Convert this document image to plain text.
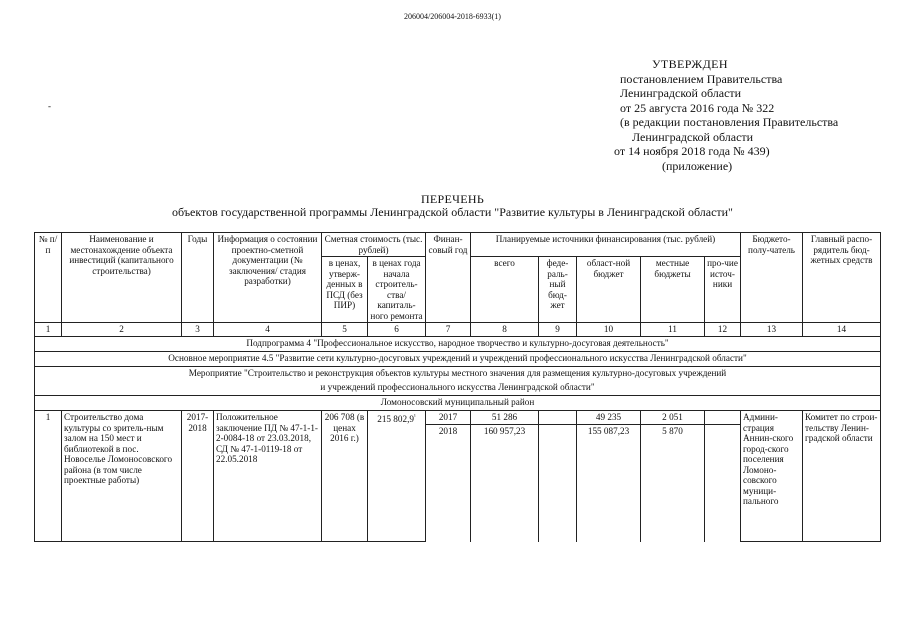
206004/206004-2018-6933(1)
-
УТВЕРЖДЕН
постановлением Правительства
Ленинградской области
от 25 августа 2016 года № 322
(в редакции постановления Правительства
Ленинградской области
от 14 ноября 2018 года № 439)
(приложение)
ПЕРЕЧЕНЬ
объектов государственной программы Ленинградской области "Развитие культуры в Ленинградской области"
№ п/п	Наименование и местонахождение объекта инвестиций (капитального строительства)	Годы	Информация о состоянии проектно-сметной документации (№ заключения/ стадия разработки)	Сметная стоимость (тыс. рублей)		Финан-совый год	Планируемые источники финансирования (тыс. рублей)					Бюджето-полу-чатель	Главный распо-рядитель бюд-жетных средств
				в ценах, утверж-денных в ПСД (без ПИР)	в ценах года начала строитель-ства/ капиталь-ного ремонта		всего	феде-раль-ный бюд-жет	област-ной бюджет	местные бюджеты	про-чие источ-ники		
1	2	3	4	5	6	7	8	9	10	11	12	13	14
Подпрограмма 4 "Профессиональное искусство, народное творчество и культурно-досуговая деятельность"													
Основное мероприятие 4.5 "Развитие сети культурно-досуговых учреждений и учреждений профессионального искусства Ленинградской области"													
Мероприятие "Строительство и реконструкция объектов культуры местного значения для размещения культурно-досуговых учреждений													
и учреждений профессионального искусства Ленинградской области"													
Ломоносовский муниципальный район													
1	Строительство дома культуры со зритель-ным залом на 150 мест и библиотекой в пос. Новоселье Ломоносовского района (в том числе проектные работы)	2017-2018	Положительное заключение ПД № 47-1-1-2-0084-18 от 23.03.2018, СД № 47-1-0119-18 от 22.05.2018	206 708 (в ценах 2016 г.)	215 $802,9^{^1}$	2017	51 286		49 235	2 051		Админи-страция Аннин-ского город-ского поселения Ломоно-совского муници-пального	Комитет по строи-тельству Ленин-градской области
						2018	160 957,23		155 087,23	5 870			
